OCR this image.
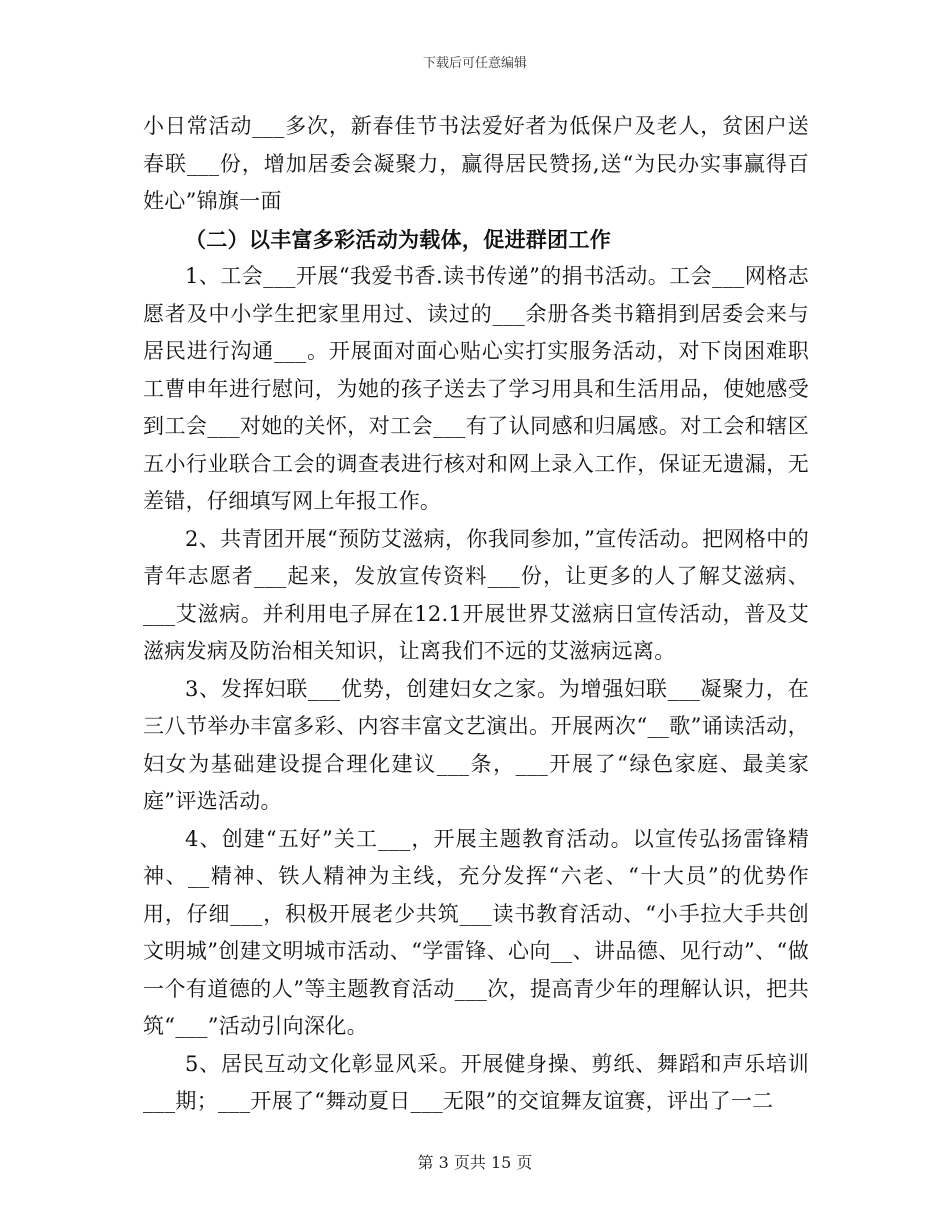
下载后可任意编辑

小日常活动___多次，新春佳节书法爱好者为低保户及老人，贫困户送春联___份，增加居委会凝聚力，赢得居民赞扬,送“为民办实事赢得百姓心”锦旗一面

（二）以丰富多彩活动为载体，促进群团工作

1、工会___开展“我爱书香.读书传递”的捐书活动。工会___网格志愿者及中小学生把家里用过、读过的___余册各类书籍捐到居委会来与居民进行沟通___。开展面对面心贴心实打实服务活动，对下岗困难职工曹申年进行慰问，为她的孩子送去了学习用具和生活用品，使她感受到工会___对她的关怀，对工会___有了认同感和归属感。对工会和辖区五小行业联合工会的调查表进行核对和网上录入工作，保证无遗漏，无差错，仔细填写网上年报工作。

2、共青团开展“预防艾滋病，你我同参加，”宣传活动。把网格中的青年志愿者___起来，发放宣传资料___份，让更多的人了解艾滋病、___艾滋病。并利用电子屏在12.1开展世界艾滋病日宣传活动，普及艾滋病发病及防治相关知识，让离我们不远的艾滋病远离。

3、发挥妇联___优势，创建妇女之家。为增强妇联___凝聚力，在三八节举办丰富多彩、内容丰富文艺演出。开展两次“__歌”诵读活动，妇女为基础建设提合理化建议___条，___开展了“绿色家庭、最美家庭”评选活动。

4、创建“五好”关工___，开展主题教育活动。以宣传弘扬雷锋精神、__精神、铁人精神为主线，充分发挥“六老、“十大员”的优势作用，仔细___，积极开展老少共筑___读书教育活动、“小手拉大手共创文明城”创建文明城市活动、“学雷锋、心向__、讲品德、见行动”、“做一个有道德的人”等主题教育活动___次，提高青少年的理解认识，把共筑“___”活动引向深化。

5、居民互动文化彰显风采。开展健身操、剪纸、舞蹈和声乐培训___期；___开展了“舞动夏日___无限”的交谊舞友谊赛，评出了一二

第 3 页共 15 页
